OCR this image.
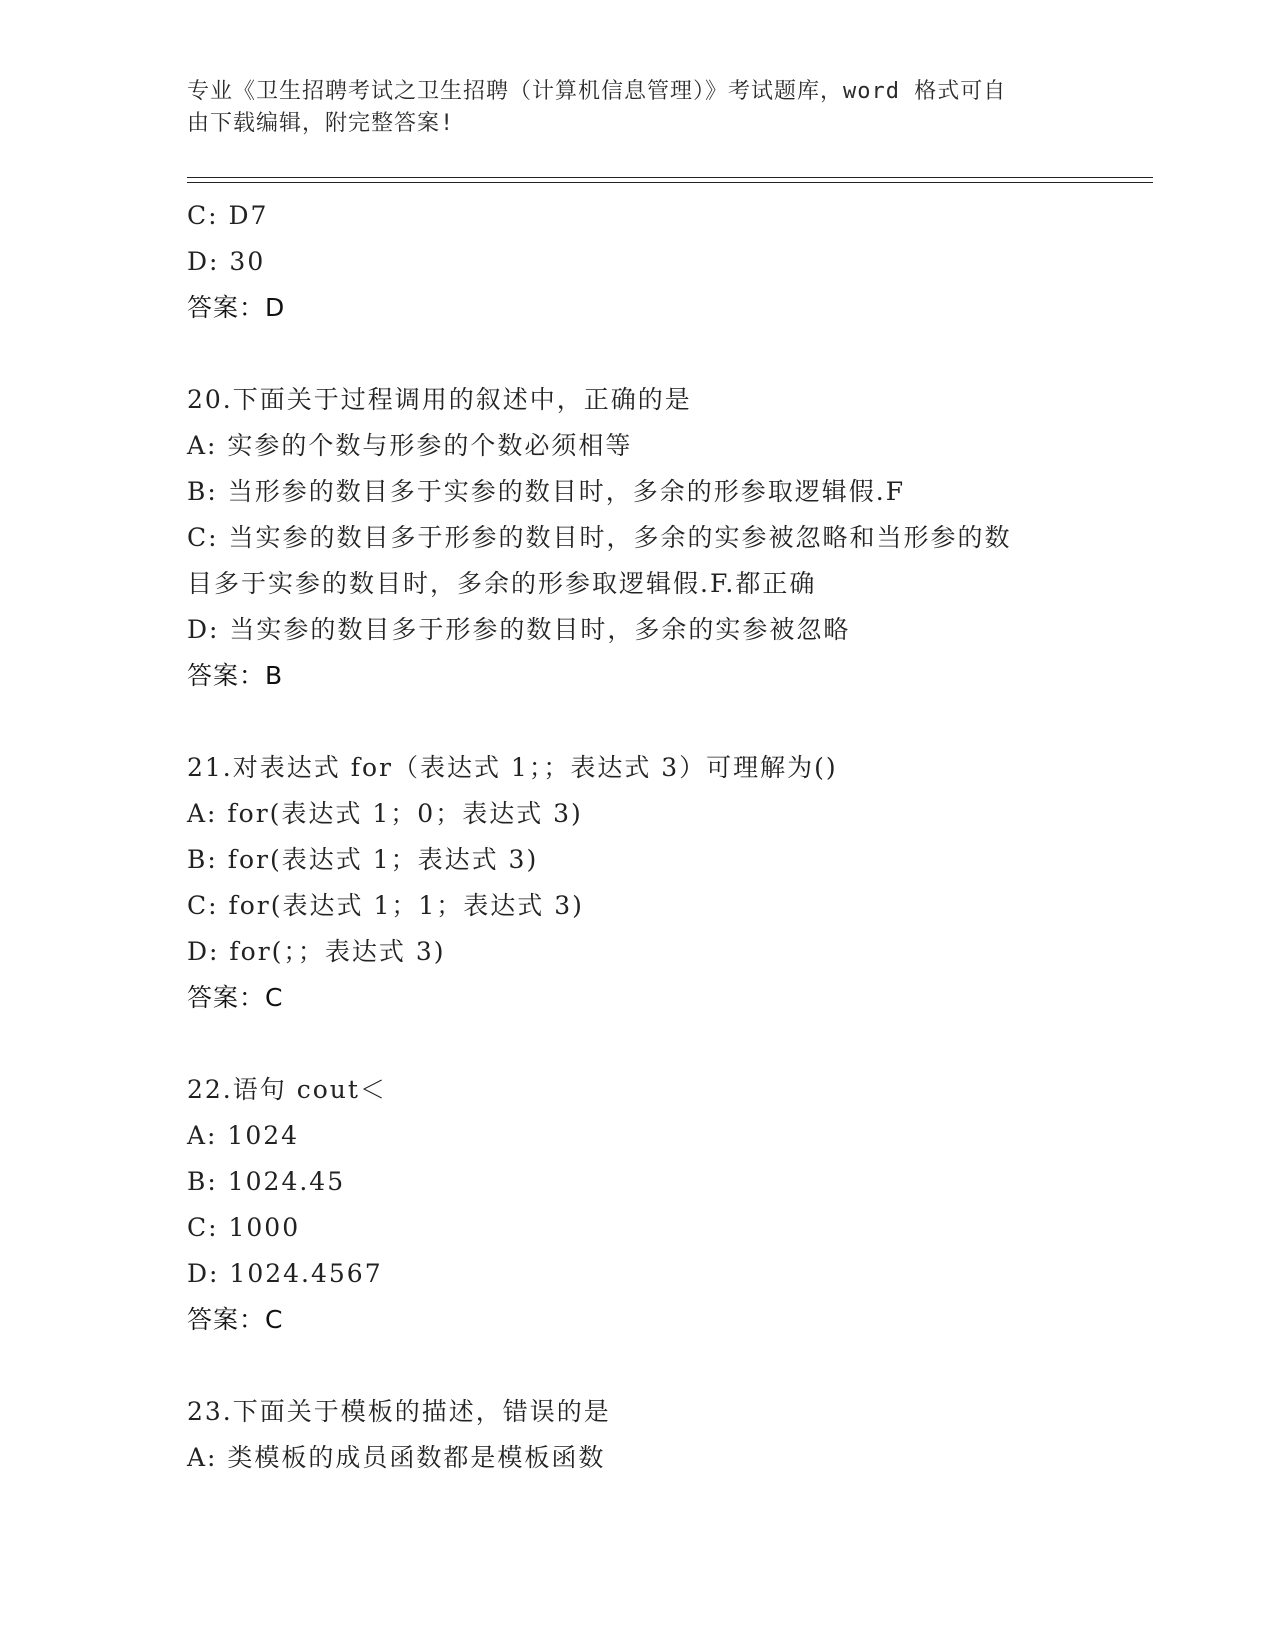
专业《卫生招聘考试之卫生招聘（计算机信息管理）》考试题库，word 格式可自
由下载编辑，附完整答案!
C: D7
D: 30
答案：D
20.下面关于过程调用的叙述中，正确的是
A: 实参的个数与形参的个数必须相等
B: 当形参的数目多于实参的数目时，多余的形参取逻辑假.F
C: 当实参的数目多于形参的数目时，多余的实参被忽略和当形参的数
目多于实参的数目时，多余的形参取逻辑假.F.都正确
D: 当实参的数目多于形参的数目时，多余的实参被忽略
答案：B
21.对表达式 for（表达式 1；；表达式 3）可理解为()
A: for(表达式 1；0；表达式 3)
B: for(表达式 1；表达式 3)
C: for(表达式 1；1；表达式 3)
D: for(；；表达式 3)
答案：C
22.语句 cout＜
A: 1024
B: 1024.45
C: 1000
D: 1024.4567
答案：C
23.下面关于模板的描述，错误的是
A: 类模板的成员函数都是模板函数
